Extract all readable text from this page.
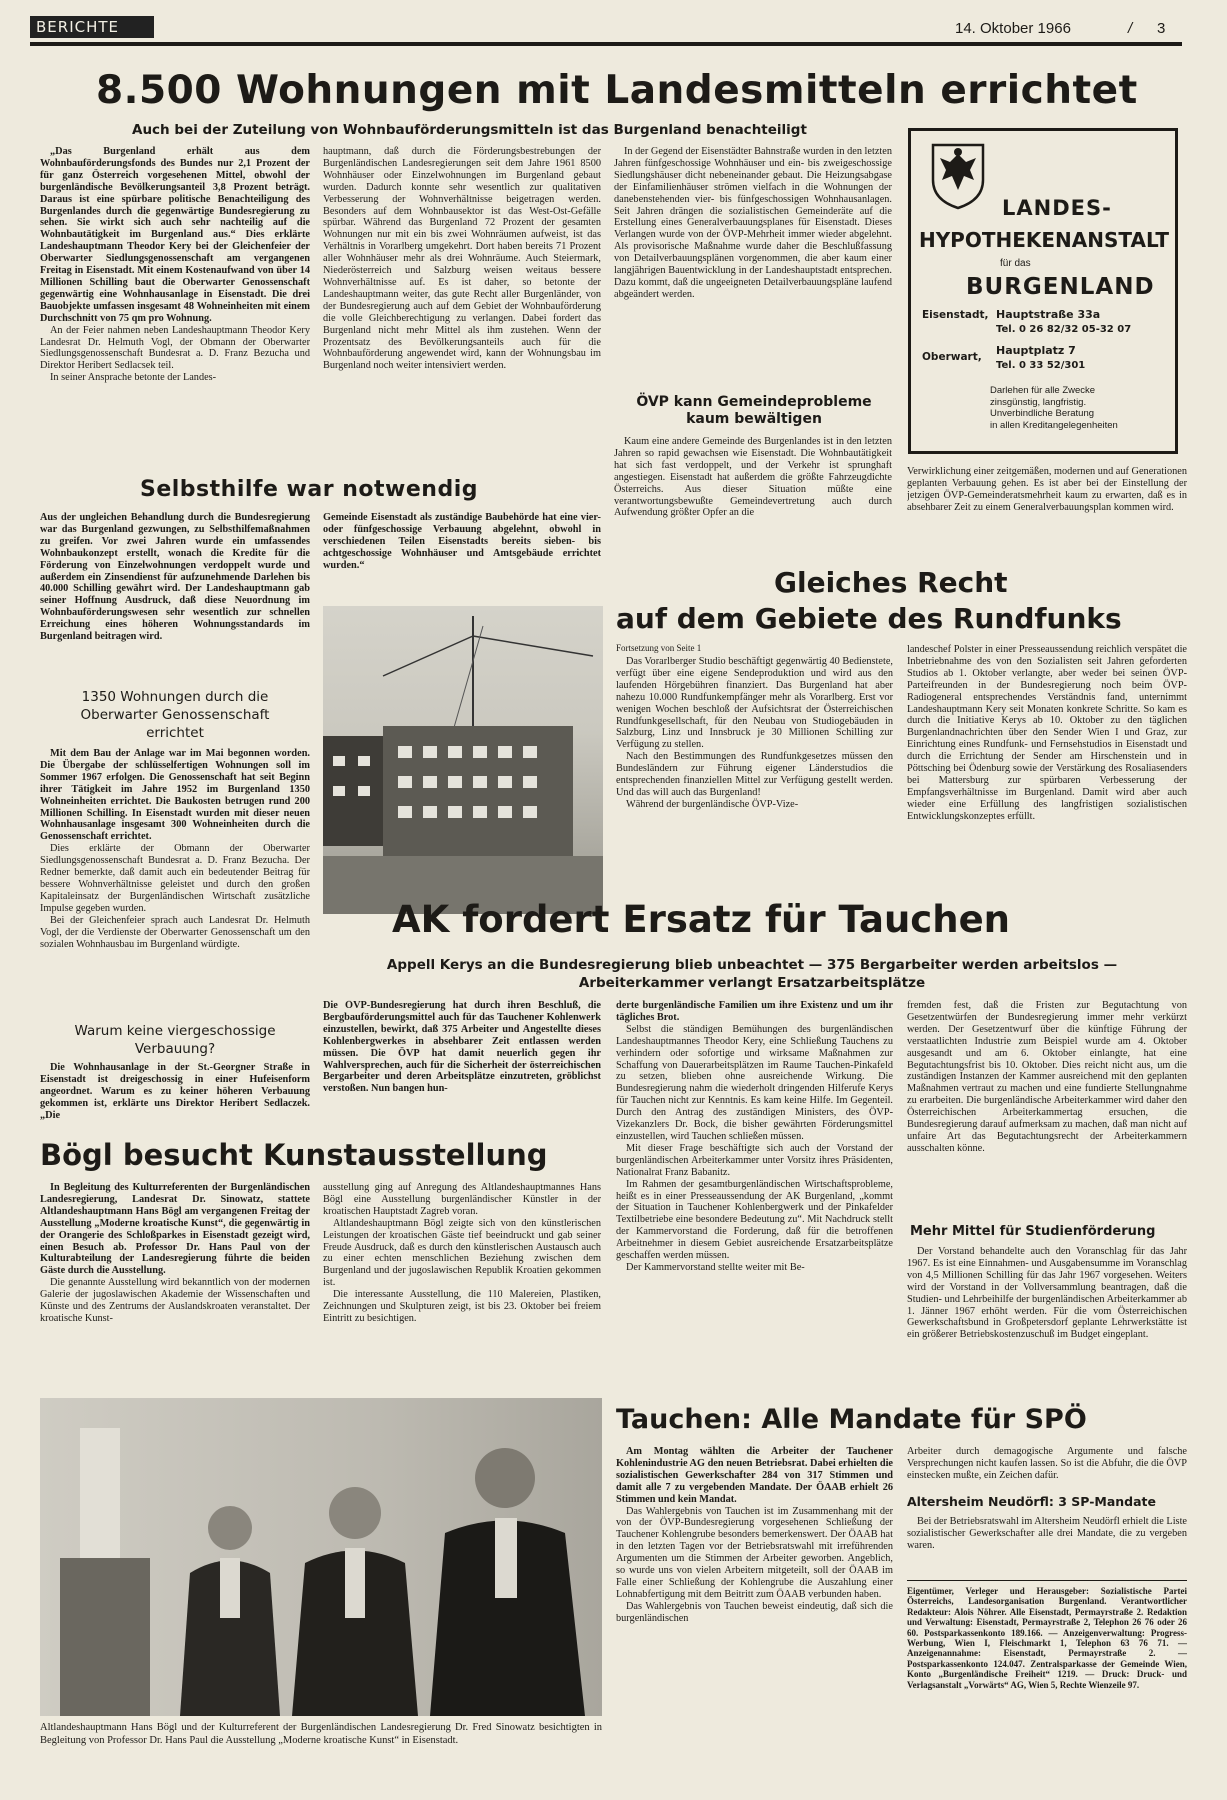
BERICHTE	14. Oktober 1966	/ 3
8.500 Wohnungen mit Landesmitteln errichtet
Auch bei der Zuteilung von Wohnbauförderungsmitteln ist das Burgenland benachteiligt

„Das Burgenland erhält aus dem Wohnbauförderungsfonds des Bundes nur 2,1 Prozent der für ganz Österreich vorgesehenen Mittel, obwohl der burgenländische Bevölkerungsanteil 3,8 Prozent beträgt. Daraus ist eine spürbare politische Benachteiligung des Burgenlandes durch die gegenwärtige Bundesregierung zu sehen. Sie wirkt sich auch sehr nachteilig auf die Wohnbautätigkeit im Burgenland aus.“ Dies erklärte Landeshauptmann Theodor Kery bei der Gleichenfeier der Oberwarter Siedlungsgenossenschaft am vergangenen Freitag in Eisenstadt. Mit einem Kostenaufwand von über 14 Millionen Schilling baut die Oberwarter Genossenschaft gegenwärtig eine Wohnhausanlage in Eisenstadt. Die drei Bauobjekte umfassen insgesamt 48 Wohneinheiten mit einem Durchschnitt von 75 qm pro Wohnung.

An der Feier nahmen neben Landeshauptmann Theodor Kery Landesrat Dr. Helmuth Vogl, der Obmann der Oberwarter Siedlungsgenossenschaft Bundesrat a. D. Franz Bezucha und Direktor Heribert Sedlacsek teil.

In seiner Ansprache betonte der Landes-

hauptmann, daß durch die Förderungsbestrebungen der Burgenländischen Landesregierungen seit dem Jahre 1961 8500 Wohnhäuser oder Einzelwohnungen im Burgenland gebaut wurden. Dadurch konnte sehr wesentlich zur qualitativen Verbesserung der Wohnverhältnisse beigetragen werden. Besonders auf dem Wohnbausektor ist das West-Ost-Gefälle spürbar. Während das Burgenland 72 Prozent der gesamten Wohnungen nur mit ein bis zwei Wohnräumen aufweist, ist das Verhältnis in Vorarlberg umgekehrt. Dort haben bereits 71 Prozent aller Wohnhäuser mehr als drei Wohnräume. Auch Steiermark, Niederösterreich und Salzburg weisen weitaus bessere Wohnverhältnisse auf. Es ist daher, so betonte der Landeshauptmann weiter, das gute Recht aller Burgenländer, von der Bundesregierung auch auf dem Gebiet der Wohnbauförderung die volle Gleichberechtigung zu verlangen. Dabei fordert das Burgenland nicht mehr Mittel als ihm zustehen. Wenn der Prozentsatz des Bevölkerungsanteils auch für die Wohnbauförderung angewendet wird, kann der Wohnungsbau im Burgenland noch weiter intensiviert werden.

In der Gegend der Eisenstädter Bahnstraße wurden in den letzten Jahren fünfgeschossige Wohnhäuser und ein- bis zweigeschossige Siedlungshäuser dicht nebeneinander gebaut. Die Heizungsabgase der Einfamilienhäuser strömen vielfach in die Wohnungen der danebenstehenden vier- bis fünfgeschossigen Wohnhausanlagen. Seit Jahren drängen die sozialistischen Gemeinderäte auf die Erstellung eines Generalverbauungsplanes für Eisenstadt. Dieses Verlangen wurde von der ÖVP-Mehrheit immer wieder abgelehnt. Als provisorische Maßnahme wurde daher die Beschlußfassung von Detailverbauungsplänen vorgenommen, die aber kaum einer langjährigen Bauentwicklung in der Landeshauptstadt entsprechen. Dazu kommt, daß die ungeeigneten Detailverbauungspläne laufend abgeändert werden.

ÖVP kann Gemeindeprobleme kaum bewältigen

Kaum eine andere Gemeinde des Burgenlandes ist in den letzten Jahren so rapid gewachsen wie Eisenstadt. Die Wohnbautätigkeit hat sich fast verdoppelt, und der Verkehr ist sprunghaft angestiegen. Eisenstadt hat außerdem die größte Fahrzeugdichte Österreichs. Aus dieser Situation müßte eine verantwortungsbewußte Gemeindevertretung auch durch Aufwendung größter Opfer an die

Verwirklichung einer zeitgemäßen, modernen und auf Generationen geplanten Verbauung gehen. Es ist aber bei der Einstellung der jetzigen ÖVP-Gemeinderatsmehrheit kaum zu erwarten, daß es in absehbarer Zeit zu einem Generalverbauungsplan kommen wird.

LANDES-
HYPOTHEKENANSTALT
für das
BURGENLAND
Eisenstadt, Hauptstraße 33a
Tel. 0 26 82/32 05-32 07
Oberwart, Hauptplatz 7
Tel. 0 33 52/301
Darlehen für alle Zwecke
zinsgünstig, langfristig.
Unverbindliche Beratung
in allen Kreditangelegenheiten
Selbsthilfe war notwendig

Aus der ungleichen Behandlung durch die Bundesregierung war das Burgenland gezwungen, zu Selbsthilfemaßnahmen zu greifen. Vor zwei Jahren wurde ein umfassendes Wohnbaukonzept erstellt, wonach die Kredite für die Förderung von Einzelwohnungen verdoppelt wurde und außerdem ein Zinsendienst für aufzunehmende Darlehen bis 40.000 Schilling gewährt wird. Der Landeshauptmann gab seiner Hoffnung Ausdruck, daß diese Neuordnung im Wohnbauförderungswesen sehr wesentlich zur schnellen Erreichung eines höheren Wohnungsstandards im Burgenland beitragen wird.

Gemeinde Eisenstadt als zuständige Baubehörde hat eine vier- oder fünfgeschossige Verbauung abgelehnt, obwohl in verschiedenen Teilen Eisenstadts bereits sieben- bis achtgeschossige Wohnhäuser und Amtsgebäude errichtet wurden.“

1350 Wohnungen durch die Oberwarter Genossenschaft errichtet

Mit dem Bau der Anlage war im Mai begonnen worden. Die Übergabe der schlüsselfertigen Wohnungen soll im Sommer 1967 erfolgen. Die Genossenschaft hat seit Beginn ihrer Tätigkeit im Jahre 1952 im Burgenland 1350 Wohneinheiten errichtet. Die Baukosten betrugen rund 200 Millionen Schilling. In Eisenstadt wurden mit dieser neuen Wohnhausanlage insgesamt 300 Wohneinheiten durch die Genossenschaft errichtet.

Dies erklärte der Obmann der Oberwarter Siedlungsgenossenschaft Bundesrat a. D. Franz Bezucha. Der Redner bemerkte, daß damit auch ein bedeutender Beitrag für bessere Wohnverhältnisse geleistet und durch den großen Kapitaleinsatz der Burgenländischen Wirtschaft zusätzliche Impulse gegeben wurden.

Bei der Gleichenfeier sprach auch Landesrat Dr. Helmuth Vogl, der die Verdienste der Oberwarter Genossenschaft um den sozialen Wohnhausbau im Burgenland würdigte.

Warum keine viergeschossige Verbauung?

Die Wohnhausanlage in der St.-Georgner Straße in Eisenstadt ist dreigeschossig in einer Hufeisenform angeordnet. Warum es zu keiner höheren Verbauung gekommen ist, erklärte uns Direktor Heribert Sedlaczek. „Die

Gleiches Recht
auf dem Gebiete des Rundfunks
Fortsetzung von Seite 1

Das Vorarlberger Studio beschäftigt gegenwärtig 40 Bedienstete, verfügt über eine eigene Sendeproduktion und wird aus den laufenden Hörgebühren finanziert. Das Burgenland hat aber nahezu 10.000 Rundfunkempfänger mehr als Vorarlberg. Erst vor wenigen Wochen beschloß der Aufsichtsrat der Österreichischen Rundfunkgesellschaft, für den Neubau von Studiogebäuden in Salzburg, Linz und Innsbruck je 30 Millionen Schilling zur Verfügung zu stellen.

Nach den Bestimmungen des Rundfunkgesetzes müssen den Bundesländern zur Führung eigener Länderstudios die entsprechenden finanziellen Mittel zur Verfügung gestellt werden. Und das will auch das Burgenland!

Während der burgenländische ÖVP-Vize-

landeschef Polster in einer Presseaussendung reichlich verspätet die Inbetriebnahme des von den Sozialisten seit Jahren geforderten Studios ab 1. Oktober verlangte, aber weder bei seinen ÖVP-Parteifreunden in der Bundesregierung noch beim ÖVP-Radiogeneral entsprechendes Verständnis fand, unternimmt Landeshauptmann Kery seit Monaten konkrete Schritte. So kam es durch die Initiative Kerys ab 10. Oktober zu den täglichen Burgenlandnachrichten über den Sender Wien I und Graz, zur Einrichtung eines Rundfunk- und Fernsehstudios in Eisenstadt und durch die Errichtung der Sender am Hirschenstein und in Pöttsching bei Ödenburg sowie der Verstärkung des Rosaliasenders bei Mattersburg zur spürbaren Verbesserung der Empfangsverhältnisse im Burgenland. Damit wird aber auch wieder eine Erfüllung des langfristigen sozialistischen Entwicklungskonzeptes erfüllt.

AK fordert Ersatz für Tauchen
Appell Kerys an die Bundesregierung blieb unbeachtet — 375 Bergarbeiter werden arbeitslos — Arbeiterkammer verlangt Ersatzarbeitsplätze

Die ÖVP-Bundesregierung hat durch ihren Beschluß, die Bergbauförderungsmittel auch für das Tauchener Kohlenwerk einzustellen, bewirkt, daß 375 Arbeiter und Angestellte dieses Kohlenbergwerkes in absehbarer Zeit entlassen werden müssen. Die ÖVP hat damit neuerlich gegen ihr Wahlversprechen, auch für die Sicherheit der österreichischen Bergarbeiter und deren Arbeitsplätze einzutreten, gröblichst verstoßen. Nun bangen hun-

derte burgenländische Familien um ihre Existenz und um ihr tägliches Brot.

Selbst die ständigen Bemühungen des burgenländischen Landeshauptmannes Theodor Kery, eine Schließung Tauchens zu verhindern oder sofortige und wirksame Maßnahmen zur Schaffung von Dauerarbeitsplätzen im Raume Tauchen-Pinkafeld zu setzen, blieben ohne ausreichende Wirkung. Die Bundesregierung nahm die wiederholt dringenden Hilferufe Kerys für Tauchen nicht zur Kenntnis. Es kam keine Hilfe. Im Gegenteil. Durch den Antrag des zuständigen Ministers, des ÖVP-Vizekanzlers Dr. Bock, die bisher gewährten Förderungsmittel einzustellen, wird Tauchen schließen müssen.

Mit dieser Frage beschäftigte sich auch der Vorstand der burgenländischen Arbeiterkammer unter Vorsitz ihres Präsidenten, Nationalrat Franz Babanitz.

Im Rahmen der gesamtburgenländischen Wirtschaftsprobleme, heißt es in einer Presseaussendung der AK Burgenland, „kommt der Situation in Tauchener Kohlenbergwerk und der Pinkafelder Textilbetriebe eine besondere Bedeutung zu“. Mit Nachdruck stellt der Kammervorstand die Forderung, daß für die betroffenen Arbeitnehmer in diesem Gebiet ausreichende Ersatzarbeitsplätze geschaffen werden müssen.

Der Kammervorstand stellte weiter mit Be-

fremden fest, daß die Fristen zur Begutachtung von Gesetzentwürfen der Bundesregierung immer mehr verkürzt werden. Der Gesetzentwurf über die künftige Führung der verstaatlichten Industrie zum Beispiel wurde am 4. Oktober ausgesandt und am 6. Oktober einlangte, hat eine Begutachtungsfrist bis 10. Oktober. Dies reicht nicht aus, um die zuständigen Instanzen der Kammer ausreichend mit den geplanten Maßnahmen vertraut zu machen und eine fundierte Stellungnahme zu erarbeiten. Die burgenländische Arbeiterkammer wird daher den Österreichischen Arbeiterkammertag ersuchen, die Bundesregierung darauf aufmerksam zu machen, daß man nicht auf unfaire Art das Begutachtungsrecht der Arbeiterkammern ausschalten könne.

Mehr Mittel für Studienförderung

Der Vorstand behandelte auch den Voranschlag für das Jahr 1967. Es ist eine Einnahmen- und Ausgabensumme im Voranschlag von 4,5 Millionen Schilling für das Jahr 1967 vorgesehen. Weiters wird der Vorstand in der Vollversammlung beantragen, daß die Studien- und Lehrbeihilfe der burgenländischen Arbeiterkammer ab 1. Jänner 1967 erhöht werden. Für die vom Österreichischen Gewerkschaftsbund in Großpetersdorf geplante Lehrwerkstätte ist ein größerer Betriebskostenzuschuß im Budget eingeplant.

Bögl besucht Kunstausstellung

In Begleitung des Kulturreferenten der Burgenländischen Landesregierung, Landesrat Dr. Sinowatz, stattete Altlandeshauptmann Hans Bögl am vergangenen Freitag der Ausstellung „Moderne kroatische Kunst“, die gegenwärtig in der Orangerie des Schloßparkes in Eisenstadt gezeigt wird, einen Besuch ab. Professor Dr. Hans Paul von der Kulturabteilung der Landesregierung führte die beiden Gäste durch die Ausstellung.

Die genannte Ausstellung wird bekanntlich von der modernen Galerie der jugoslawischen Akademie der Wissenschaften und Künste und des Zentrums der Auslandskroaten veranstaltet. Der kroatische Kunst-

ausstellung ging auf Anregung des Altlandeshauptmannes Hans Bögl eine Ausstellung burgenländischer Künstler in der kroatischen Hauptstadt Zagreb voran.

Altlandeshauptmann Bögl zeigte sich von den künstlerischen Leistungen der kroatischen Gäste tief beeindruckt und gab seiner Freude Ausdruck, daß es durch den künstlerischen Austausch auch zu einer echten menschlichen Beziehung zwischen dem Burgenland und der jugoslawischen Republik Kroatien gekommen ist.

Die interessante Ausstellung, die 110 Malereien, Plastiken, Zeichnungen und Skulpturen zeigt, ist bis 23. Oktober bei freiem Eintritt zu besichtigen.

Altlandeshauptmann Hans Bögl und der Kulturreferent der Burgenländischen Landesregierung Dr. Fred Sinowatz besichtigten in Begleitung von Professor Dr. Hans Paul die Ausstellung „Moderne kroatische Kunst“ in Eisenstadt.

Tauchen: Alle Mandate für SPÖ

Am Montag wählten die Arbeiter der Tauchener Kohlenindustrie AG den neuen Betriebsrat. Dabei erhielten die sozialistischen Gewerkschafter 284 von 317 Stimmen und damit alle 7 zu vergebenden Mandate. Der ÖAAB erhielt 26 Stimmen und kein Mandat.

Das Wahlergebnis von Tauchen ist im Zusammenhang mit der von der ÖVP-Bundesregierung vorgesehenen Schließung der Tauchener Kohlengrube besonders bemerkenswert. Der ÖAAB hat in den letzten Tagen vor der Betriebsratswahl mit irreführenden Argumenten um die Stimmen der Arbeiter geworben. Angeblich, so wurde uns von vielen Arbeitern mitgeteilt, soll der ÖAAB im Falle einer Schließung der Kohlengrube die Auszahlung einer Lohnabfertigung mit dem Beitritt zum ÖAAB verbunden haben.

Das Wahlergebnis von Tauchen beweist eindeutig, daß sich die burgenländischen

Arbeiter durch demagogische Argumente und falsche Versprechungen nicht kaufen lassen. So ist die Abfuhr, die die ÖVP einstecken mußte, ein Zeichen dafür.

Altersheim Neudörfl: 3 SP-Mandate

Bei der Betriebsratswahl im Altersheim Neudörfl erhielt die Liste sozialistischer Gewerkschafter alle drei Mandate, die zu vergeben waren.

Eigentümer, Verleger und Herausgeber: Sozialistische Partei Österreichs, Landesorganisation Burgenland. Verantwortlicher Redakteur: Alois Nöhrer. Alle Eisenstadt, Permayrstraße 2. Redaktion und Verwaltung: Eisenstadt, Permayrstraße 2, Telephon 26 76 oder 26 60. Postsparkassenkonto 189.166. — Anzeigenverwaltung: Progress-Werbung, Wien I, Fleischmarkt 1, Telephon 63 76 71. — Anzeigenannahme: Eisenstadt, Permayrstraße 2. — Postsparkassenkonto 124.047. Zentralsparkasse der Gemeinde Wien, Konto „Burgenländische Freiheit“ 1219. — Druck: Druck- und Verlagsanstalt „Vorwärts“ AG, Wien 5, Rechte Wienzeile 97.
